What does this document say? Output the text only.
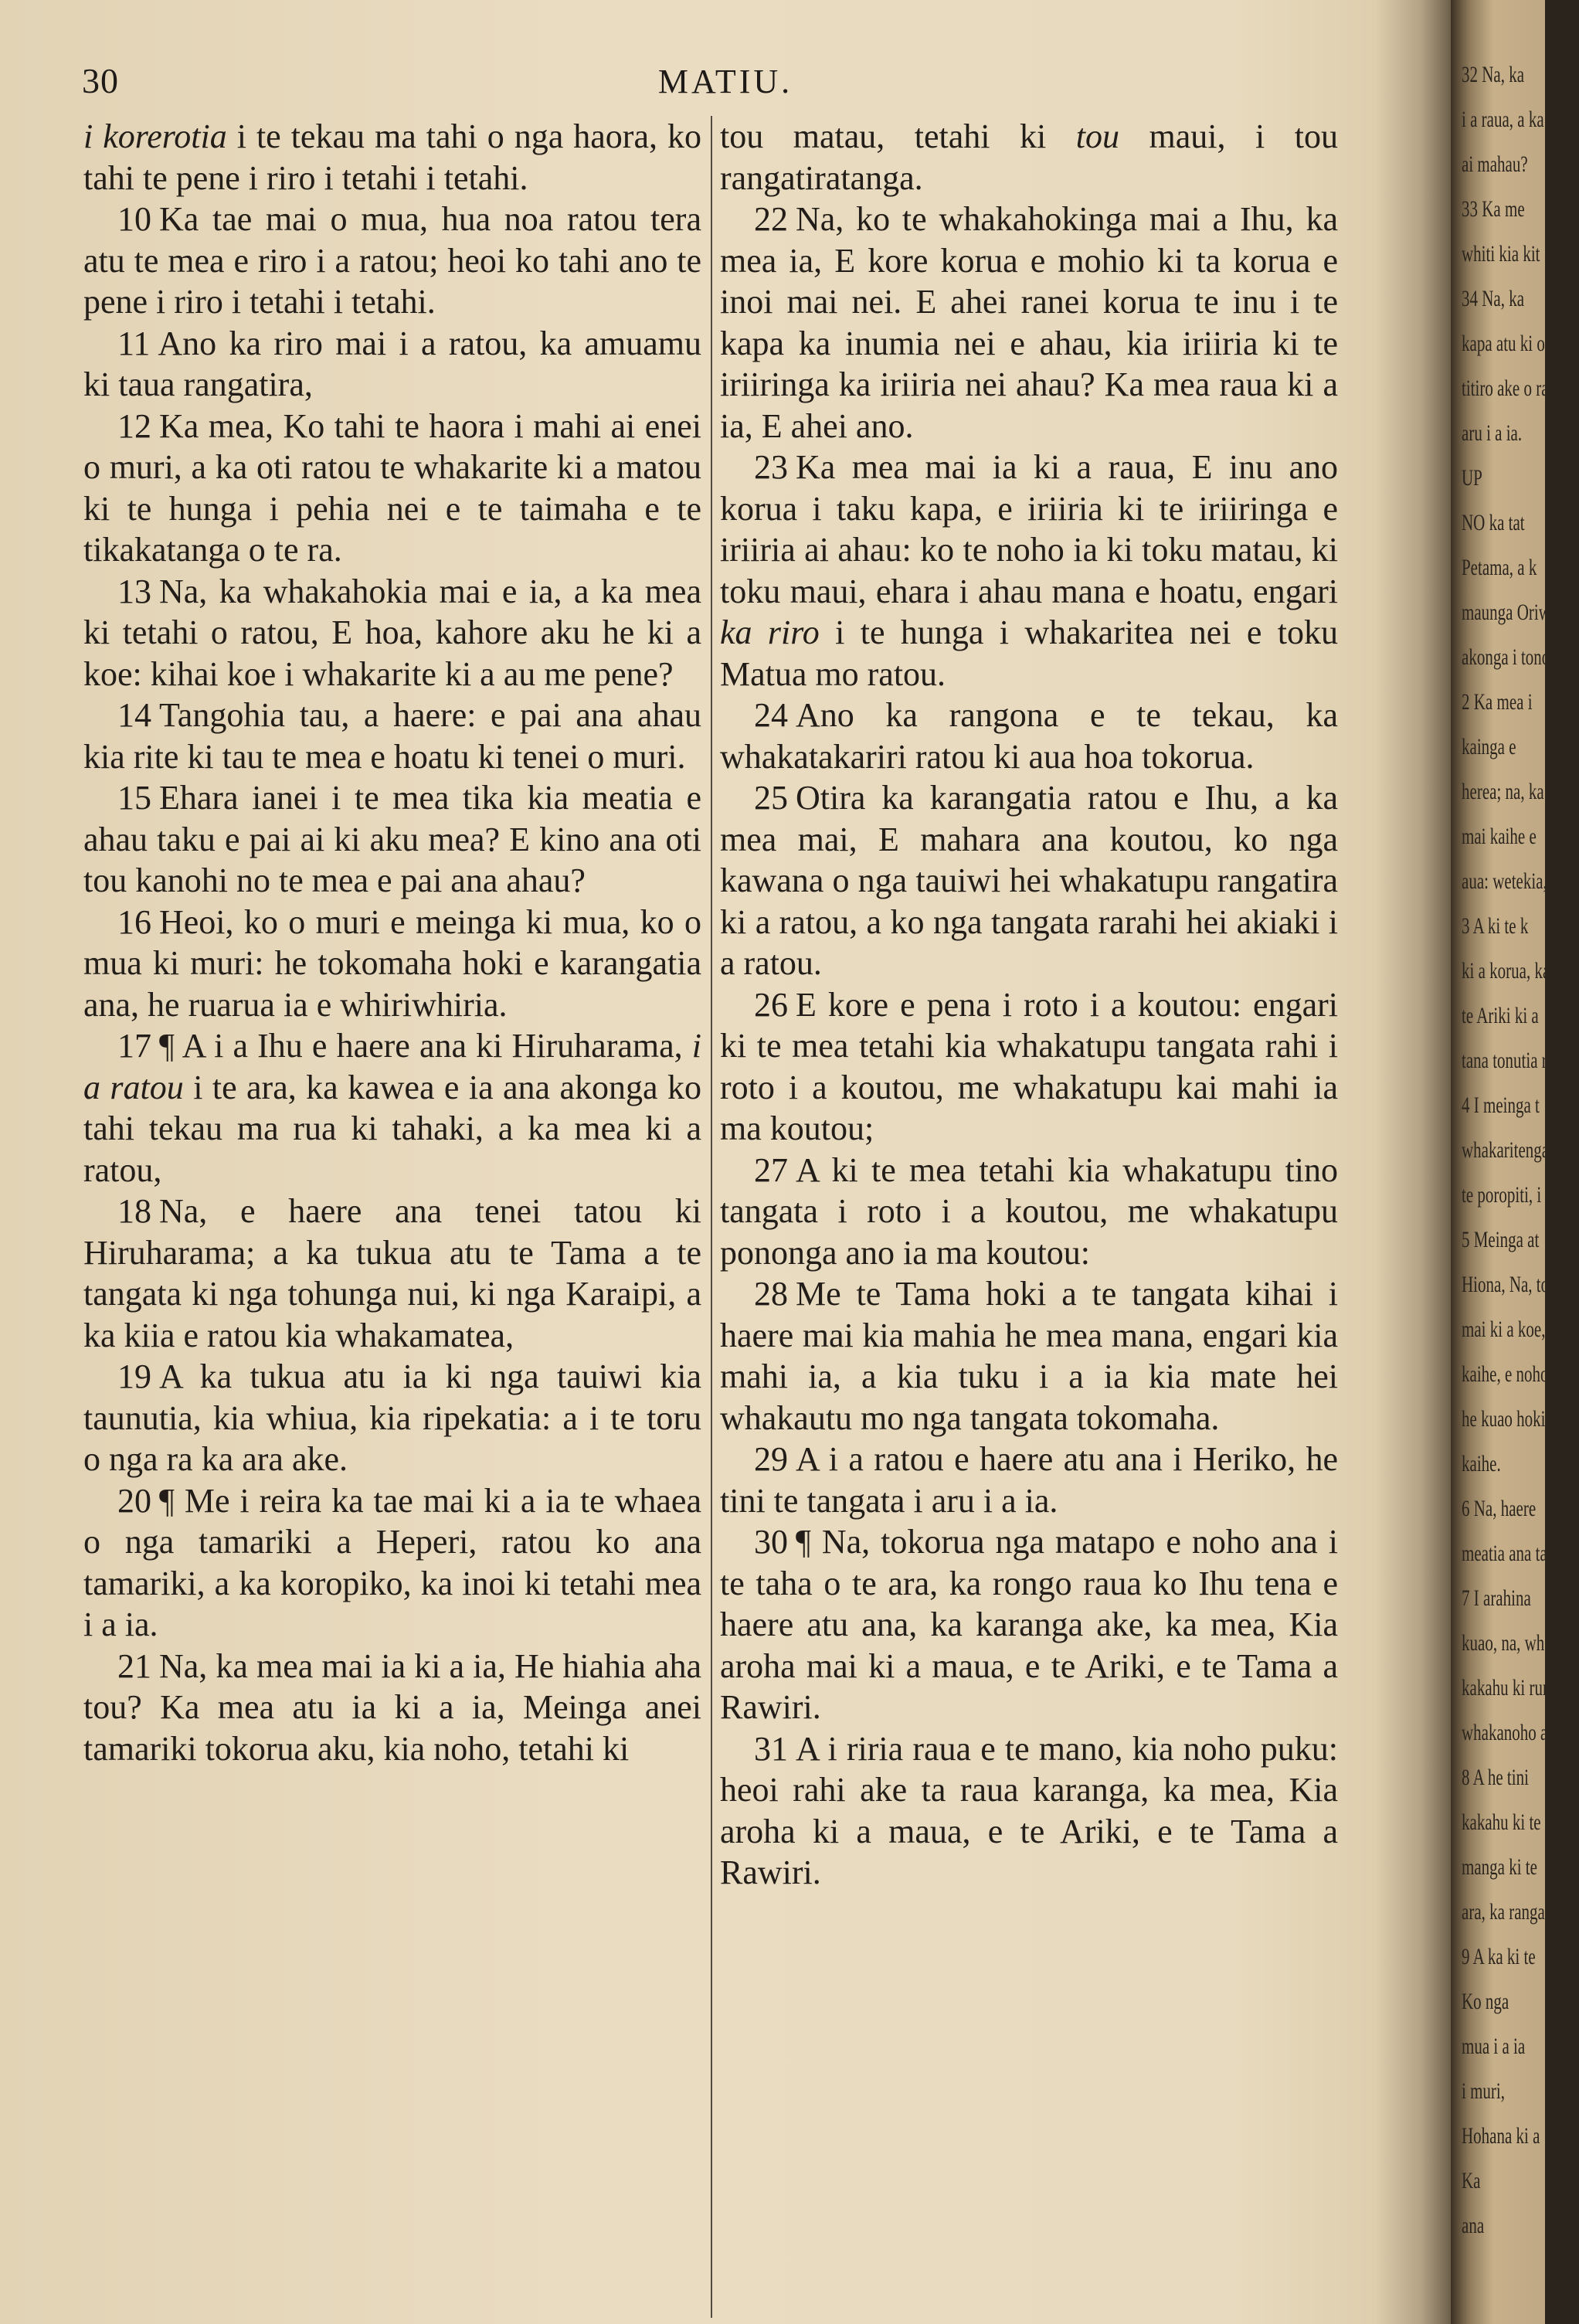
30	MATIU.

i korerotia i te tekau ma tahi o nga haora, ko tahi te pene i riro i tetahi i tetahi.

10 Ka tae mai o mua, hua noa ratou tera atu te mea e riro i a ratou; heoi ko tahi ano te pene i riro i tetahi i tetahi.

11 Ano ka riro mai i a ratou, ka amuamu ki taua rangatira,

12 Ka mea, Ko tahi te haora i mahi ai enei o muri, a ka oti ratou te whakarite ki a matou ki te hunga i pehia nei e te taimaha e te tikakatanga o te ra.

13 Na, ka whakahokia mai e ia, a ka mea ki tetahi o ratou, E hoa, kahore aku he ki a koe: kihai koe i whakarite ki a au me pene?

14 Tangohia tau, a haere: e pai ana ahau kia rite ki tau te mea e hoatu ki tenei o muri.

15 Ehara ianei i te mea tika kia meatia e ahau taku e pai ai ki aku mea? E kino ana oti tou kanohi no te mea e pai ana ahau?

16 Heoi, ko o muri e meinga ki mua, ko o mua ki muri: he tokomaha hoki e karangatia ana, he ruarua ia e whiriwhiria.

17 ¶ A i a Ihu e haere ana ki Hiruharama, i a ratou i te ara, ka kawea e ia ana akonga ko tahi tekau ma rua ki tahaki, a ka mea ki a ratou,

18 Na, e haere ana tenei tatou ki Hiruharama; a ka tukua atu te Tama a te tangata ki nga tohunga nui, ki nga Karaipi, a ka kiia e ratou kia whakamatea,

19 A ka tukua atu ia ki nga tauiwi kia taunutia, kia whiua, kia ripekatia: a i te toru o nga ra ka ara ake.

20 ¶ Me i reira ka tae mai ki a ia te whaea o nga tamariki a Heperi, ratou ko ana tamariki, a ka koropiko, ka inoi ki tetahi mea i a ia.

21 Na, ka mea mai ia ki a ia, He hiahia aha tou? Ka mea atu ia ki a ia, Meinga anei tamariki tokorua aku, kia noho, tetahi ki

tou matau, tetahi ki tou maui, i tou rangatiratanga.

22 Na, ko te whakahokinga mai a Ihu, ka mea ia, E kore korua e mohio ki ta korua e inoi mai nei. E ahei ranei korua te inu i te kapa ka inumia nei e ahau, kia iriiria ki te iriiringa ka iriiria nei ahau? Ka mea raua ki a ia, E ahei ano.

23 Ka mea mai ia ki a raua, E inu ano korua i taku kapa, e iriiria ki te iriiringa e iriiria ai ahau: ko te noho ia ki toku matau, ki toku maui, ehara i ahau mana e hoatu, engari ka riro i te hunga i whakaritea nei e toku Matua mo ratou.

24 Ano ka rangona e te tekau, ka whakatakariri ratou ki aua hoa tokorua.

25 Otira ka karangatia ratou e Ihu, a ka mea mai, E mahara ana koutou, ko nga kawana o nga tauiwi hei whakatupu rangatira ki a ratou, a ko nga tangata rarahi hei akiaki i a ratou.

26 E kore e pena i roto i a koutou: engari ki te mea tetahi kia whakatupu tangata rahi i roto i a koutou, me whakatupu kai mahi ia ma koutou;

27 A ki te mea tetahi kia whakatupu tino tangata i roto i a koutou, me whakatupu pononga ano ia ma koutou:

28 Me te Tama hoki a te tangata kihai i haere mai kia mahia he mea mana, engari kia mahi ia, a kia tuku i a ia kia mate hei whakautu mo nga tangata tokomaha.

29 A i a ratou e haere atu ana i Heriko, he tini te tangata i aru i a ia.

30 ¶ Na, tokorua nga matapo e noho ana i te taha o te ara, ka rongo raua ko Ihu tena e haere atu ana, ka karanga ake, ka mea, Kia aroha mai ki a maua, e te Ariki, e te Tama a Rawiri.

31 A i riria raua e te mano, kia noho puku: heoi rahi ake ta raua karanga, ka mea, Kia aroha ki a maua, e te Ariki, e te Tama a Rawiri.

32 Na, ka
i a raua, a ka
ai mahau?
33 Ka me
whiti kia kit
34 Na, ka
kapa atu ki o
titiro ake o ra
aru i a ia.
UP
NO ka tat
Petama, a k
maunga Oriw
akonga i tonoa
2 Ka mea i
kainga e
herea; na, ka
mai kaihe e
aua: wetekia,
3 A ki te k
ki a korua, ka
te Ariki ki a
tana tonutia r
4 I meinga t
whakaritenga r
te poropiti, i
5 Meinga at
Hiona, Na, tou
mai ki a koe,
kaihe, e noho an
he kuao hoki
kaihe.
6 Na, haere
meatia ana ta
7 I arahina
kuao, na, wha
kakahu ki runga
whakanoho ana ia
8 A he tini
kakahu ki te
manga ki te
ara, ka ranga a
9 A ka ki te
Ko nga
mua i a ia
i muri,
Hohana ki a
Ka
ana
